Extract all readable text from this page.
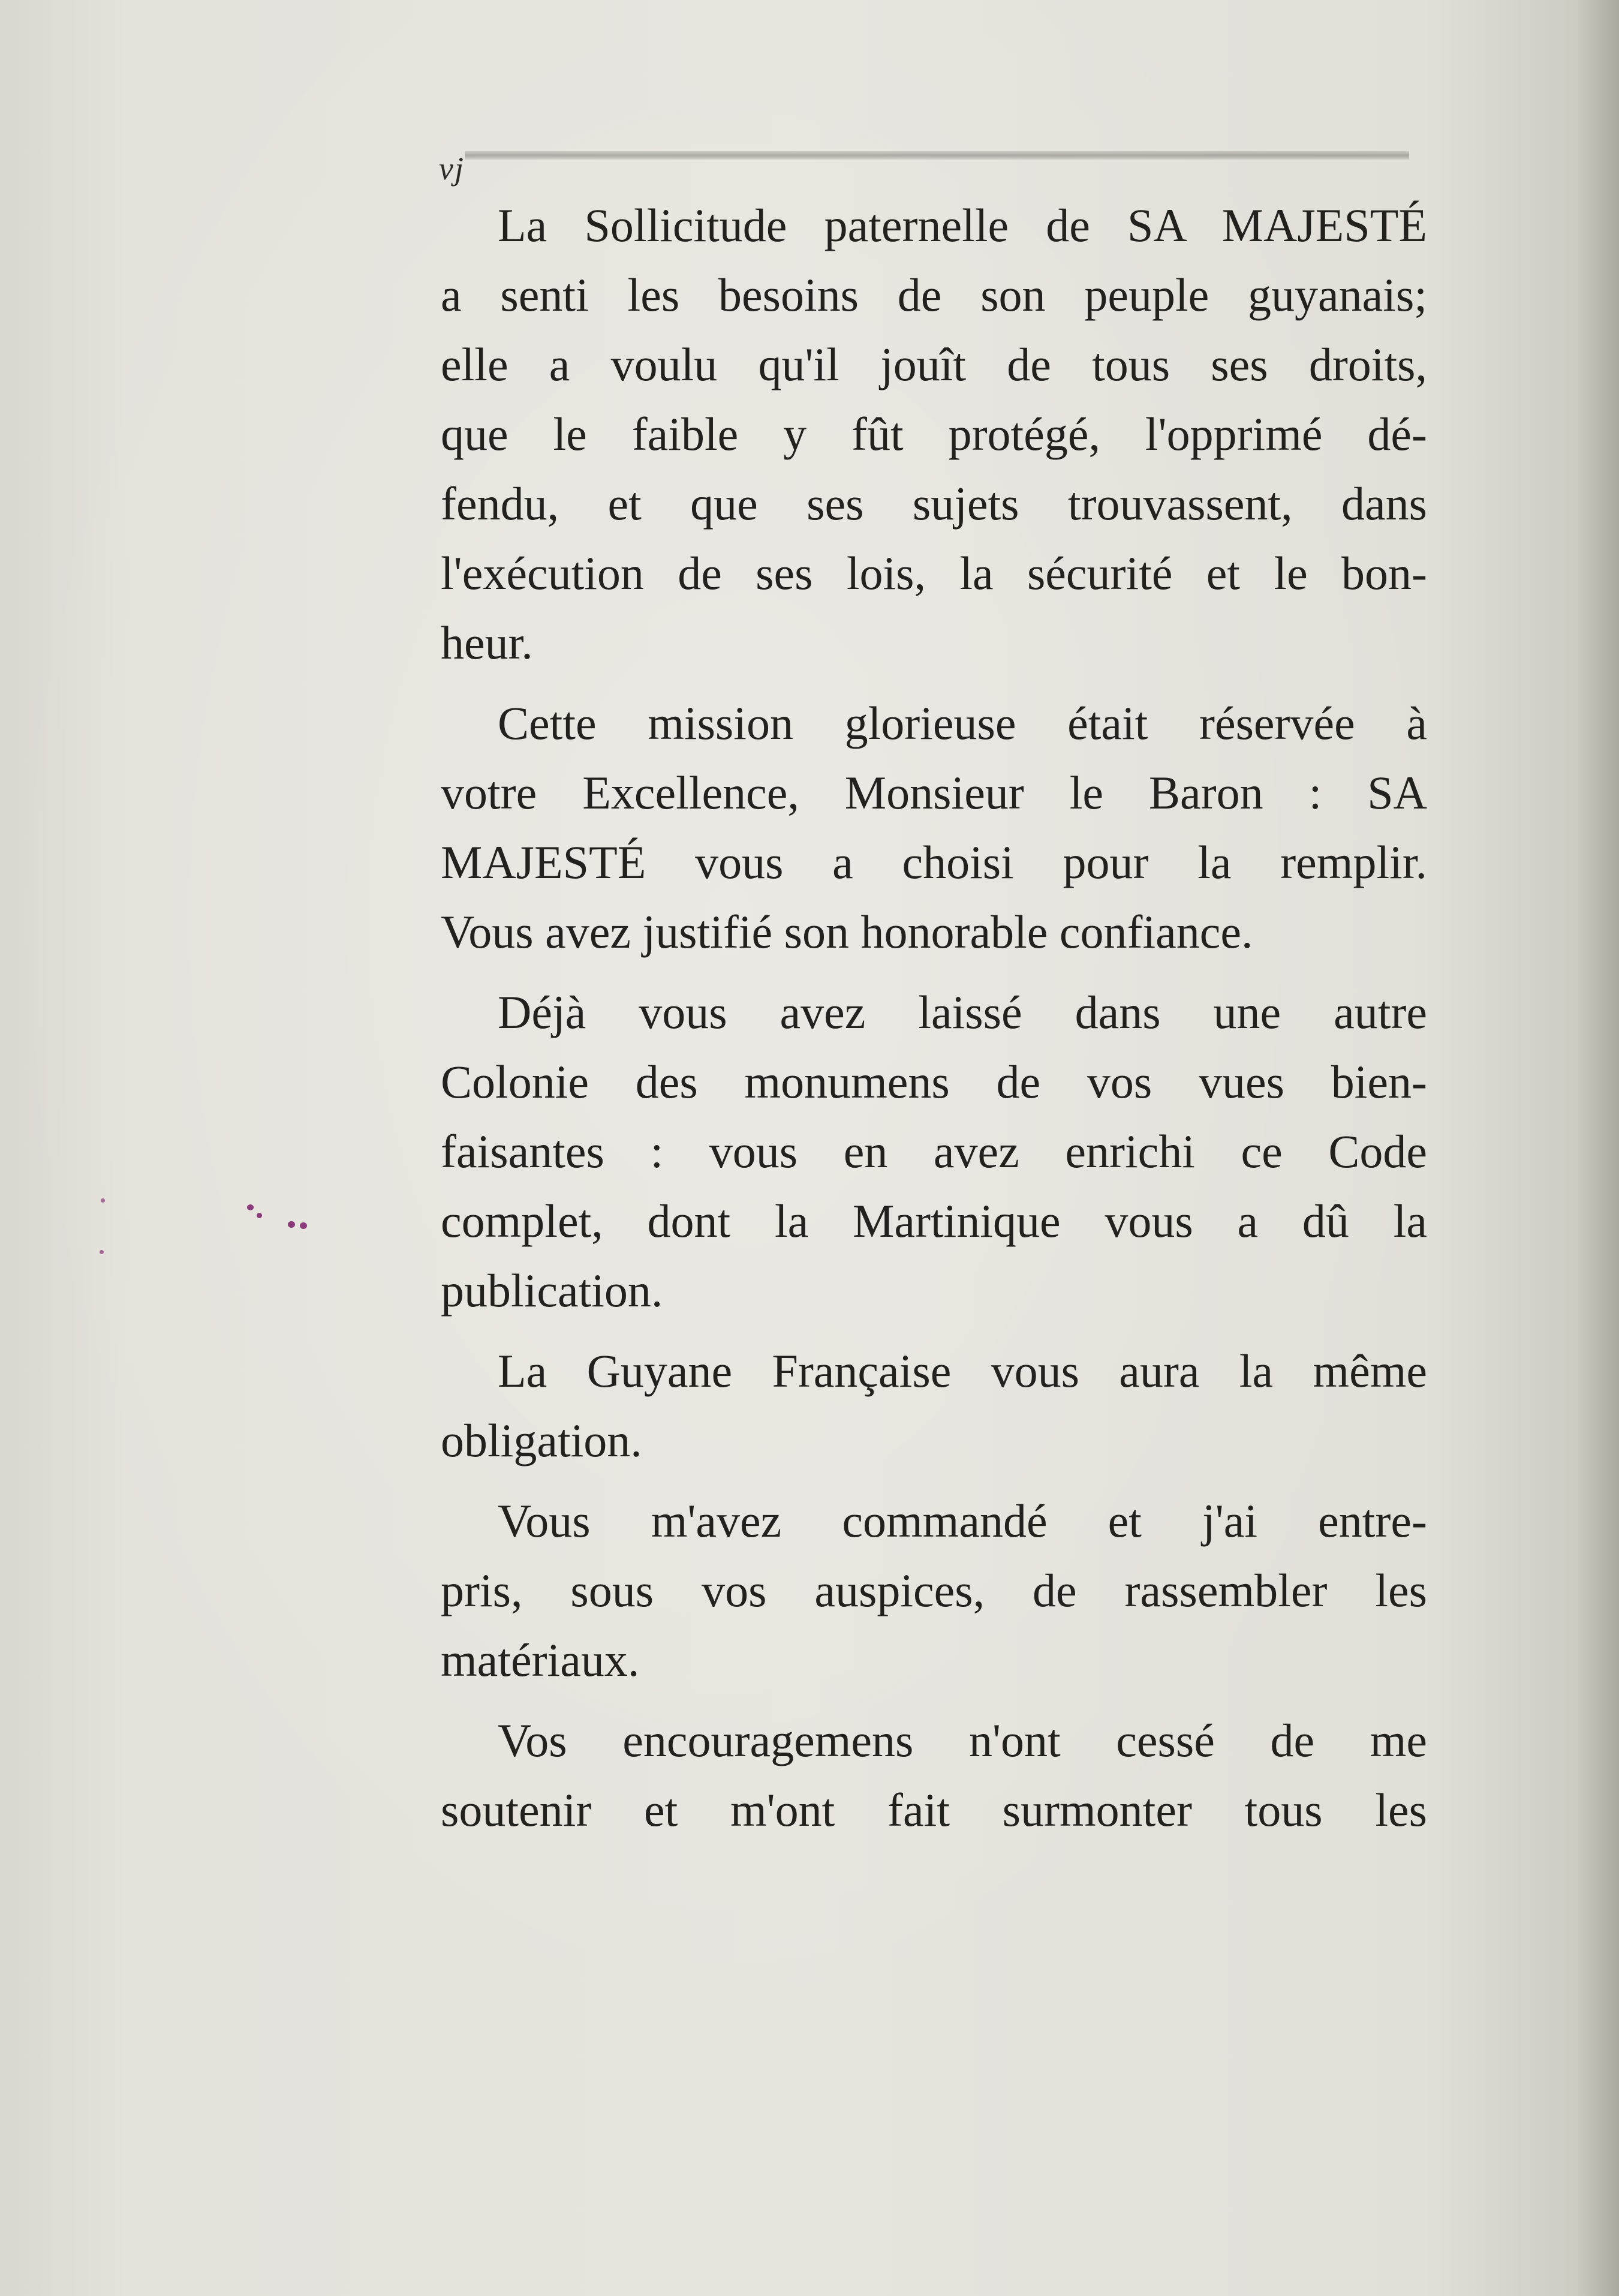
vj
La Sollicitude paternelle de SA MAJESTÉ
a senti les besoins de son peuple guyanais;
elle a voulu qu'il jouît de tous ses droits,
que le faible y fût protégé, l'opprimé dé-
fendu, et que ses sujets trouvassent, dans
l'exécution de ses lois, la sécurité et le bon-
heur.
Cette mission glorieuse était réservée à
votre Excellence, Monsieur le Baron : SA
MAJESTÉ vous a choisi pour la remplir.
Vous avez justifié son honorable confiance.
Déjà vous avez laissé dans une autre
Colonie des monumens de vos vues bien-
faisantes : vous en avez enrichi ce Code
complet, dont la Martinique vous a dû la
publication.
La Guyane Française vous aura la même
obligation.
Vous m'avez commandé et j'ai entre-
pris, sous vos auspices, de rassembler les
matériaux.
Vos encouragemens n'ont cessé de me
soutenir et m'ont fait surmonter tous les
